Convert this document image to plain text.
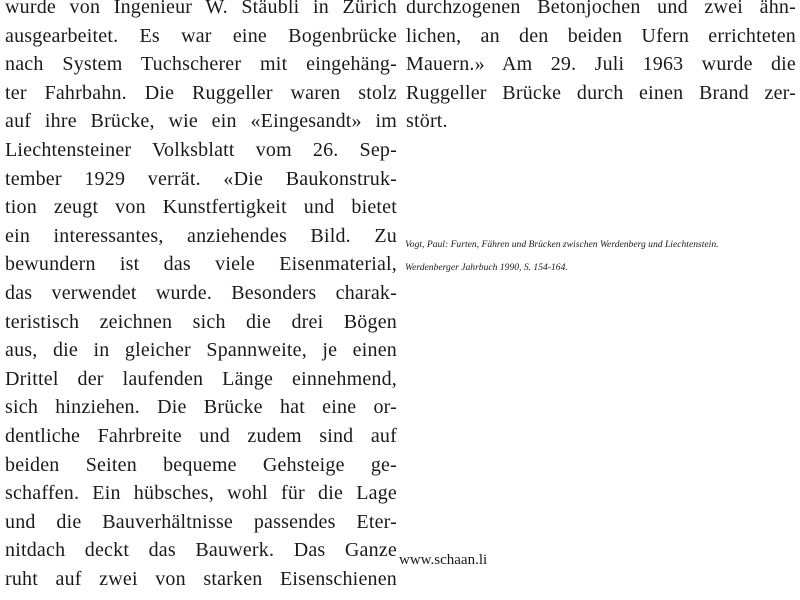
wurde von Ingenieur W. Stäubli in Zürich
ausgearbeitet. Es war eine Bogenbrücke
nach System Tuchscherer mit eingehäng-
ter Fahrbahn. Die Ruggeller waren stolz
auf ihre Brücke, wie ein «Eingesandt» im
Liechtensteiner Volksblatt vom 26. Sep-
tember 1929 verrät. «Die Baukonstruk-
tion zeugt von Kunstfertigkeit und bietet
ein interessantes, anziehendes Bild. Zu
bewundern ist das viele Eisenmaterial,
das verwendet wurde. Besonders charak-
teristisch zeichnen sich die drei Bögen
aus, die in gleicher Spannweite, je einen
Drittel der laufenden Länge einnehmend,
sich hinziehen. Die Brücke hat eine or-
dentliche Fahrbreite und zudem sind auf
beiden Seiten bequeme Gehsteige ge-
schaffen. Ein hübsches, wohl für die Lage
und die Bauverhältnisse passendes Eter-
nitdach deckt das Bauwerk. Das Ganze
ruht auf zwei von starken Eisenschienen
durchzogenen Betonjochen und zwei ähn-
lichen, an den beiden Ufern errichteten
Mauern.» Am 29. Juli 1963 wurde die
Ruggeller Brücke durch einen Brand zer-
stört.
Vogt, Paul: Furten, Fähren und Brücken zwischen Werdenberg und Liechtenstein.
Werdenberger Jahrbuch 1990, S. 154-164.
www.schaan.li
